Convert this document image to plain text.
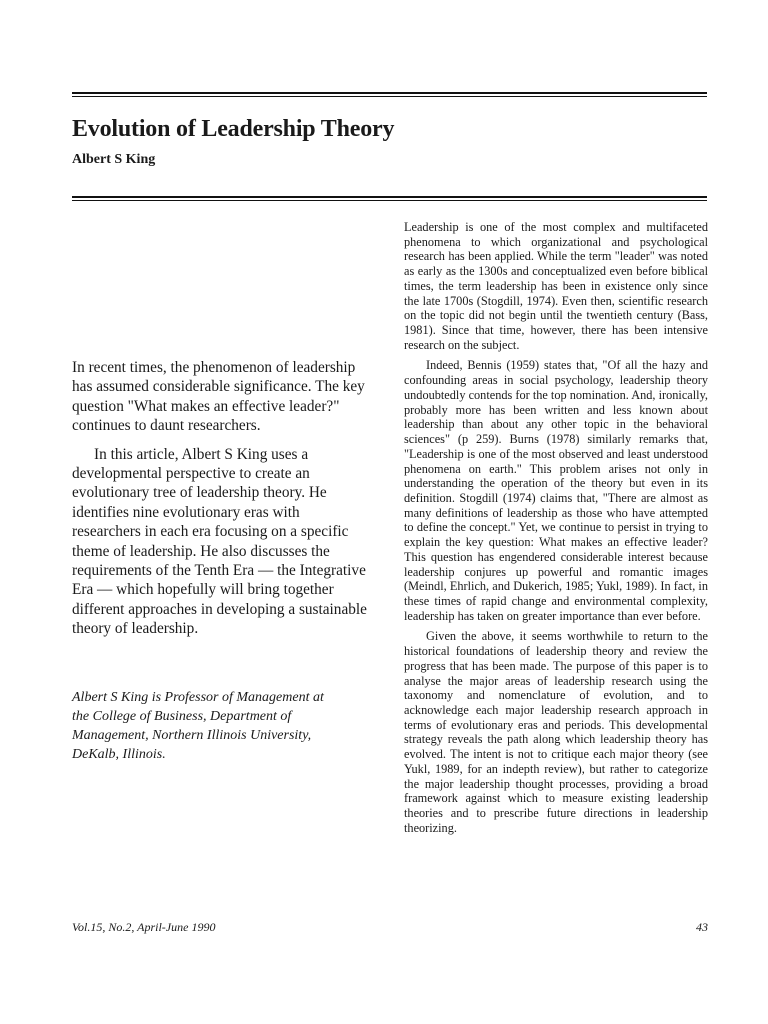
Evolution of Leadership Theory
Albert S King

In recent times, the phenomenon of leadership has assumed considerable significance. The key question "What makes an effective leader?" continues to daunt researchers.

In this article, Albert S King uses a developmental perspective to create an evolutionary tree of leadership theory. He identifies nine evolutionary eras with researchers in each era focusing on a specific theme of leadership. He also discusses the requirements of the Tenth Era — the Integrative Era — which hopefully will bring together different approaches in developing a sustainable theory of leadership.

Albert S King is Professor of Management at the College of Business, Department of Management, Northern Illinois University, DeKalb, Illinois.

Leadership is one of the most complex and multifaceted phenomena to which organizational and psychological research has been applied. While the term "leader" was noted as early as the 1300s and conceptualized even before biblical times, the term leadership has been in existence only since the late 1700s (Stogdill, 1974). Even then, scientific research on the topic did not begin until the twentieth century (Bass, 1981). Since that time, however, there has been intensive research on the subject.

Indeed, Bennis (1959) states that, "Of all the hazy and confounding areas in social psychology, leadership theory undoubtedly contends for the top nomination. And, ironically, probably more has been written and less known about leadership than about any other topic in the behavioral sciences" (p 259). Burns (1978) similarly remarks that, "Leadership is one of the most observed and least understood phenomena on earth." This problem arises not only in understanding the operation of the theory but even in its definition. Stogdill (1974) claims that, "There are almost as many definitions of leadership as those who have attempted to define the concept." Yet, we continue to persist in trying to explain the key question: What makes an effective leader? This question has engendered considerable interest because leadership conjures up powerful and romantic images (Meindl, Ehrlich, and Dukerich, 1985; Yukl, 1989). In fact, in these times of rapid change and environmental complexity, leadership has taken on greater importance than ever before.

Given the above, it seems worthwhile to return to the historical foundations of leadership theory and review the progress that has been made. The purpose of this paper is to analyse the major areas of leadership research using the taxonomy and nomenclature of evolution, and to acknowledge each major leadership research approach in terms of evolutionary eras and periods. This developmental strategy reveals the path along which leadership theory has evolved. The intent is not to critique each major theory (see Yukl, 1989, for an indepth review), but rather to categorize the major leadership thought processes, providing a broad framework against which to measure existing leadership theories and to prescribe future directions in leadership theorizing.

Vol.15, No.2, April-June 1990	43
